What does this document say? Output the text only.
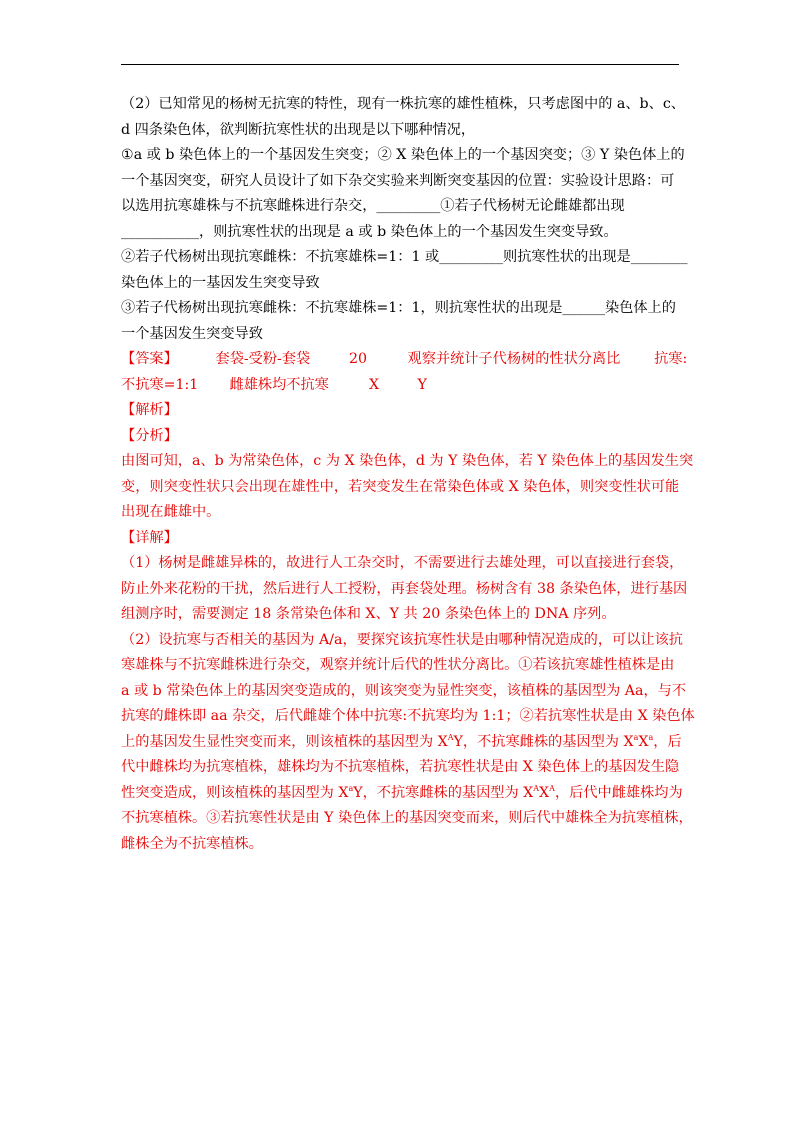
（2）已知常见的杨树无抗寒的特性，现有一株抗寒的雄性植株，只考虑图中的 a、b、c、
d 四条染色体，欲判断抗寒性状的出现是以下哪种情况，
①a 或 b 染色体上的一个基因发生突变；② X 染色体上的一个基因突变；③ Y 染色体上的
一个基因突变，研究人员设计了如下杂交实验来判断突变基因的位置：实验设计思路：可
以选用抗寒雄株与不抗寒雌株进行杂交，_________①若子代杨树无论雌雄都出现
___________，则抗寒性状的出现是 a 或 b 染色体上的一个基因发生突变导致。
②若子代杨树出现抗寒雌株：不抗寒雄株=1：1 或_________则抗寒性状的出现是________
染色体上的一基因发生突变导致
③若子代杨树出现抗寒雌株：不抗寒雄株=1：1，则抗寒性状的出现是______染色体上的
一个基因发生突变导致
【答案】	套袋-受粉-套袋	20	观察并统计子代杨树的性状分离比 抗寒:
不抗寒=1:1 雌雄株均不抗寒	X	Y
【解析】
【分析】
由图可知，a、b 为常染色体，c 为 X 染色体，d 为 Y 染色体，若 Y 染色体上的基因发生突
变，则突变性状只会出现在雄性中，若突变发生在常染色体或 X 染色体，则突变性状可能
出现在雌雄中。
【详解】
（1）杨树是雌雄异株的，故进行人工杂交时，不需要进行去雄处理，可以直接进行套袋，
防止外来花粉的干扰，然后进行人工授粉，再套袋处理。杨树含有 38 条染色体，进行基因
组测序时，需要测定 18 条常染色体和 X、Y 共 20 条染色体上的 DNA 序列。
（2）设抗寒与否相关的基因为 A/a，要探究该抗寒性状是由哪种情况造成的，可以让该抗
寒雄株与不抗寒雌株进行杂交，观察并统计后代的性状分离比。①若该抗寒雄性植株是由
a 或 b 常染色体上的基因突变造成的，则该突变为显性突变，该植株的基因型为 Aa，与不
抗寒的雌株即 aa 杂交，后代雌雄个体中抗寒:不抗寒均为 1:1；②若抗寒性状是由 X 染色体
上的基因发生显性突变而来，则该植株的基因型为 $X^AY$，不抗寒雌株的基因型为 $X^aX^a$，后
代中雌株均为抗寒植株，雄株均为不抗寒植株，若抗寒性状是由 X 染色体上的基因发生隐
性突变造成，则该植株的基因型为 $X^aY$，不抗寒雌株的基因型为 $X^AX^A$，后代中雌雄株均为
不抗寒植株。③若抗寒性状是由 Y 染色体上的基因突变而来，则后代中雄株全为抗寒植株，
雌株全为不抗寒植株。
